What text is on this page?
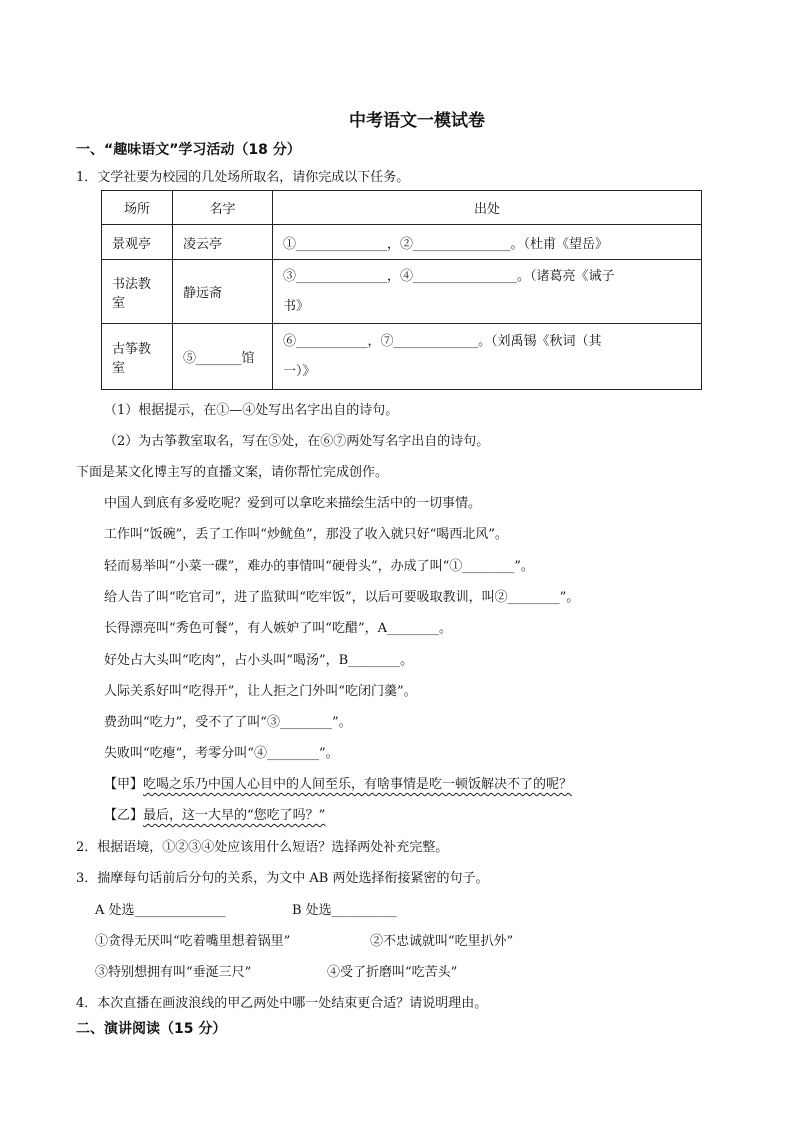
中考语文一模试卷
一、“趣味语文”学习活动（18 分）
1．文学社要为校园的几处场所取名，请你完成以下任务。
场所	名字	出处
景观亭	凌云亭	①______________，②_______________。（杜甫《望岳》

书法教室	静远斋	③______________，④________________。（诸葛亮《诫子
书》

古筝教室	⑤_______馆	⑥___________，⑦_____________。（刘禹锡《秋词（其
一）》
（1）根据提示，在①—④处写出名字出自的诗句。
（2）为古筝教室取名，写在⑤处，在⑥⑦两处写名字出自的诗句。
下面是某文化博主写的直播文案，请你帮忙完成创作。
中国人到底有多爱吃呢？爱到可以拿吃来描绘生活中的一切事情。
工作叫“饭碗”，丢了工作叫“炒鱿鱼”，那没了收入就只好“喝西北风”。
轻而易举叫“小菜一碟”，难办的事情叫“硬骨头”，办成了叫“①________”。
给人告了叫“吃官司”，进了监狱叫“吃牢饭”，以后可要吸取教训，叫②________”。
长得漂亮叫“秀色可餐”，有人嫉妒了叫“吃醋”，A________。
好处占大头叫“吃肉”，占小头叫“喝汤”，B________。
人际关系好叫“吃得开”，让人拒之门外叫“吃闭门羹”。
费劲叫“吃力”，受不了了叫“③________”。
失败叫“吃瘪”，考零分叫“④________”。
【甲】吃喝之乐乃中国人心目中的人间至乐，有啥事情是吃一顿饭解决不了的呢？
【乙】最后，这一大早的“您吃了吗？”
2．根据语境，①②③④处应该用什么短语？选择两处补充完整。
3．揣摩每句话前后分句的关系，为文中 AB 两处选择衔接紧密的句子。
A 处选______________	B 处选__________
①贪得无厌叫“吃着嘴里想着锅里”	②不忠诚就叫“吃里扒外”
③特别想拥有叫“垂涎三尺”	④受了折磨叫“吃苦头”
4．本次直播在画波浪线的甲乙两处中哪一处结束更合适？请说明理由。
二、演讲阅读（15 分）
